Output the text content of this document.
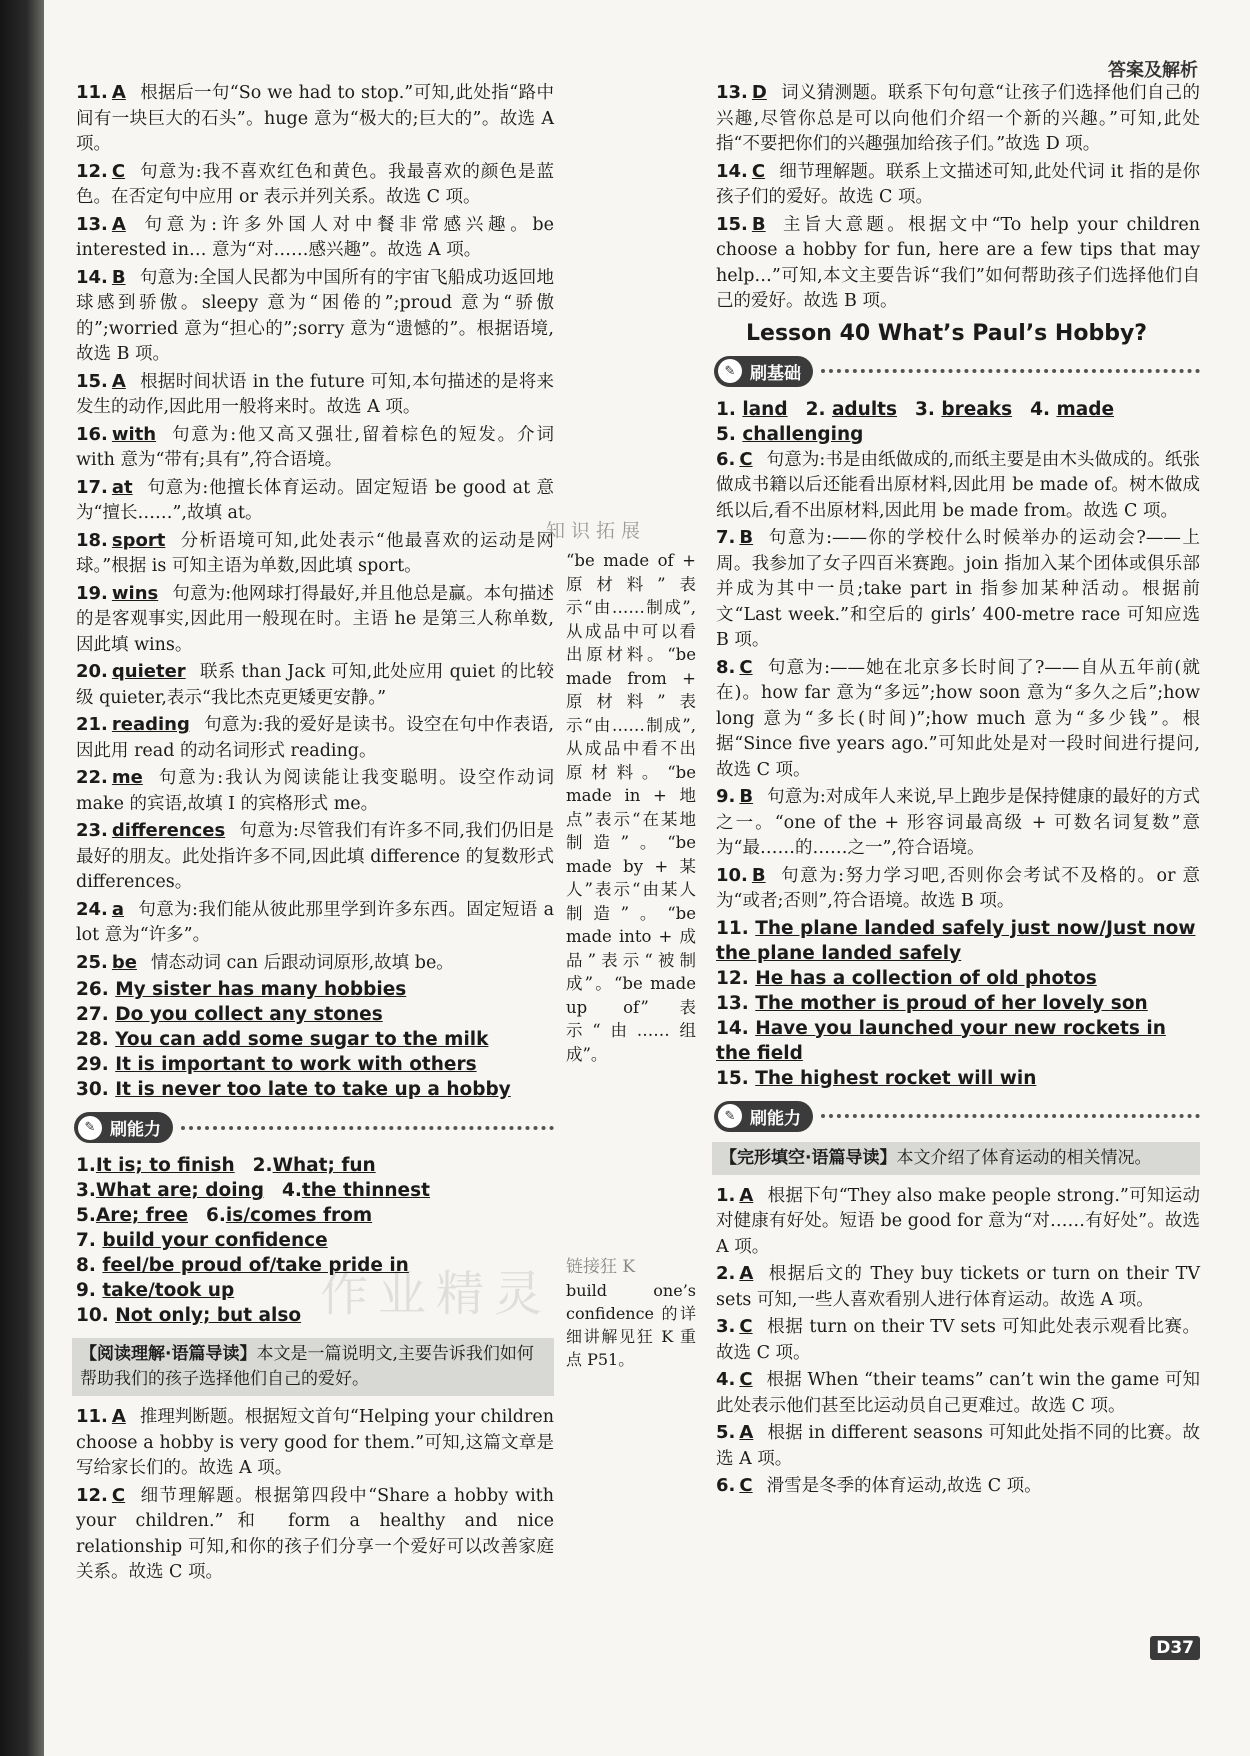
答案及解析
作业精灵
11. A 根据后一句“So we had to stop.”可知,此处指“路中间有一块巨大的石头”。huge 意为“极大的;巨大的”。故选 A 项。
12. C 句意为:我不喜欢红色和黄色。我最喜欢的颜色是蓝色。在否定句中应用 or 表示并列关系。故选 C 项。
13. A 句意为:许多外国人对中餐非常感兴趣。be interested in… 意为“对……感兴趣”。故选 A 项。
14. B 句意为:全国人民都为中国所有的宇宙飞船成功返回地球感到骄傲。sleepy 意为“困倦的”;proud 意为“骄傲的”;worried 意为“担心的”;sorry 意为“遗憾的”。根据语境,故选 B 项。
15. A 根据时间状语 in the future 可知,本句描述的是将来发生的动作,因此用一般将来时。故选 A 项。
16. with 句意为:他又高又强壮,留着棕色的短发。介词 with 意为“带有;具有”,符合语境。
17. at 句意为:他擅长体育运动。固定短语 be good at 意为“擅长……”,故填 at。
18. sport 分析语境可知,此处表示“他最喜欢的运动是网球。”根据 is 可知主语为单数,因此填 sport。
19. wins 句意为:他网球打得最好,并且他总是赢。本句描述的是客观事实,因此用一般现在时。主语 he 是第三人称单数,因此填 wins。
20. quieter 联系 than Jack 可知,此处应用 quiet 的比较级 quieter,表示“我比杰克更矮更安静。”
21. reading 句意为:我的爱好是读书。设空在句中作表语,因此用 read 的动名词形式 reading。
22. me 句意为:我认为阅读能让我变聪明。设空作动词 make 的宾语,故填 I 的宾格形式 me。
23. differences 句意为:尽管我们有许多不同,我们仍旧是最好的朋友。此处指许多不同,因此填 difference 的复数形式 differences。
24. a 句意为:我们能从彼此那里学到许多东西。固定短语 a lot 意为“许多”。
25. be 情态动词 can 后跟动词原形,故填 be。
26. My sister has many hobbies
27. Do you collect any stones
28. You can add some sugar to the milk
29. It is important to work with others
30. It is never too late to take up a hobby
✎ 刷能力
1.It is; to finish 2.What; fun
3.What are; doing 4.the thinnest
5.Are; free 6.is/comes from
7. build your confidence
8. feel/be proud of/take pride in
9. take/took up
10. Not only; but also
【阅读理解·语篇导读】本文是一篇说明文,主要告诉我们如何帮助我们的孩子选择他们自己的爱好。
11. A 推理判断题。根据短文首句“Helping your children choose a hobby is very good for them.”可知,这篇文章是写给家长们的。故选 A 项。
12. C 细节理解题。根据第四段中“Share a hobby with your children.”和 form a healthy and nice relationship 可知,和你的孩子们分享一个爱好可以改善家庭关系。故选 C 项。
知识拓展
“be made of + 原材料”表示“由……制成”,从成品中可以看出原材料。“be made from + 原材料”表示“由……制成”,从成品中看不出原材料。“be made in + 地点”表示“在某地制造”。“be made by + 某人”表示“由某人制造”。“be made into + 成品”表示“被制成”。“be made up of”表示“由……组成”。
链接狂 K
build one’s confidence 的详细讲解见狂 K 重点 P51。
13. D 词义猜测题。联系下句句意“让孩子们选择他们自己的兴趣,尽管你总是可以向他们介绍一个新的兴趣。”可知,此处指“不要把你们的兴趣强加给孩子们。”故选 D 项。
14. C 细节理解题。联系上文描述可知,此处代词 it 指的是你孩子们的爱好。故选 C 项。
15. B 主旨大意题。根据文中“To help your children choose a hobby for fun, here are a few tips that may help…”可知,本文主要告诉“我们”如何帮助孩子们选择他们自己的爱好。故选 B 项。
Lesson 40 What’s Paul’s Hobby?
✎ 刷基础
1. land 2. adults 3. breaks 4. made
5. challenging
6. C 句意为:书是由纸做成的,而纸主要是由木头做成的。纸张做成书籍以后还能看出原材料,因此用 be made of。树木做成纸以后,看不出原材料,因此用 be made from。故选 C 项。
7. B 句意为:——你的学校什么时候举办的运动会?——上周。我参加了女子四百米赛跑。join 指加入某个团体或俱乐部并成为其中一员;take part in 指参加某种活动。根据前文“Last week.”和空后的 girls’ 400-metre race 可知应选 B 项。
8. C 句意为:——她在北京多长时间了?——自从五年前(就在)。how far 意为“多远”;how soon 意为“多久之后”;how long 意为“多长(时间)”;how much 意为“多少钱”。根据“Since five years ago.”可知此处是对一段时间进行提问,故选 C 项。
9. B 句意为:对成年人来说,早上跑步是保持健康的最好的方式之一。“one of the + 形容词最高级 + 可数名词复数”意为“最……的……之一”,符合语境。
10. B 句意为:努力学习吧,否则你会考试不及格的。or 意为“或者;否则”,符合语境。故选 B 项。
11. The plane landed safely just now/Just now the plane landed safely
12. He has a collection of old photos
13. The mother is proud of her lovely son
14. Have you launched your new rockets in the field
15. The highest rocket will win
✎ 刷能力
【完形填空·语篇导读】本文介绍了体育运动的相关情况。
1. A 根据下句“They also make people strong.”可知运动对健康有好处。短语 be good for 意为“对……有好处”。故选 A 项。
2. A 根据后文的 They buy tickets or turn on their TV sets 可知,一些人喜欢看别人进行体育运动。故选 A 项。
3. C 根据 turn on their TV sets 可知此处表示观看比赛。故选 C 项。
4. C 根据 When “their teams” can’t win the game 可知此处表示他们甚至比运动员自己更难过。故选 C 项。
5. A 根据 in different seasons 可知此处指不同的比赛。故选 A 项。
6. C 滑雪是冬季的体育运动,故选 C 项。
D37
